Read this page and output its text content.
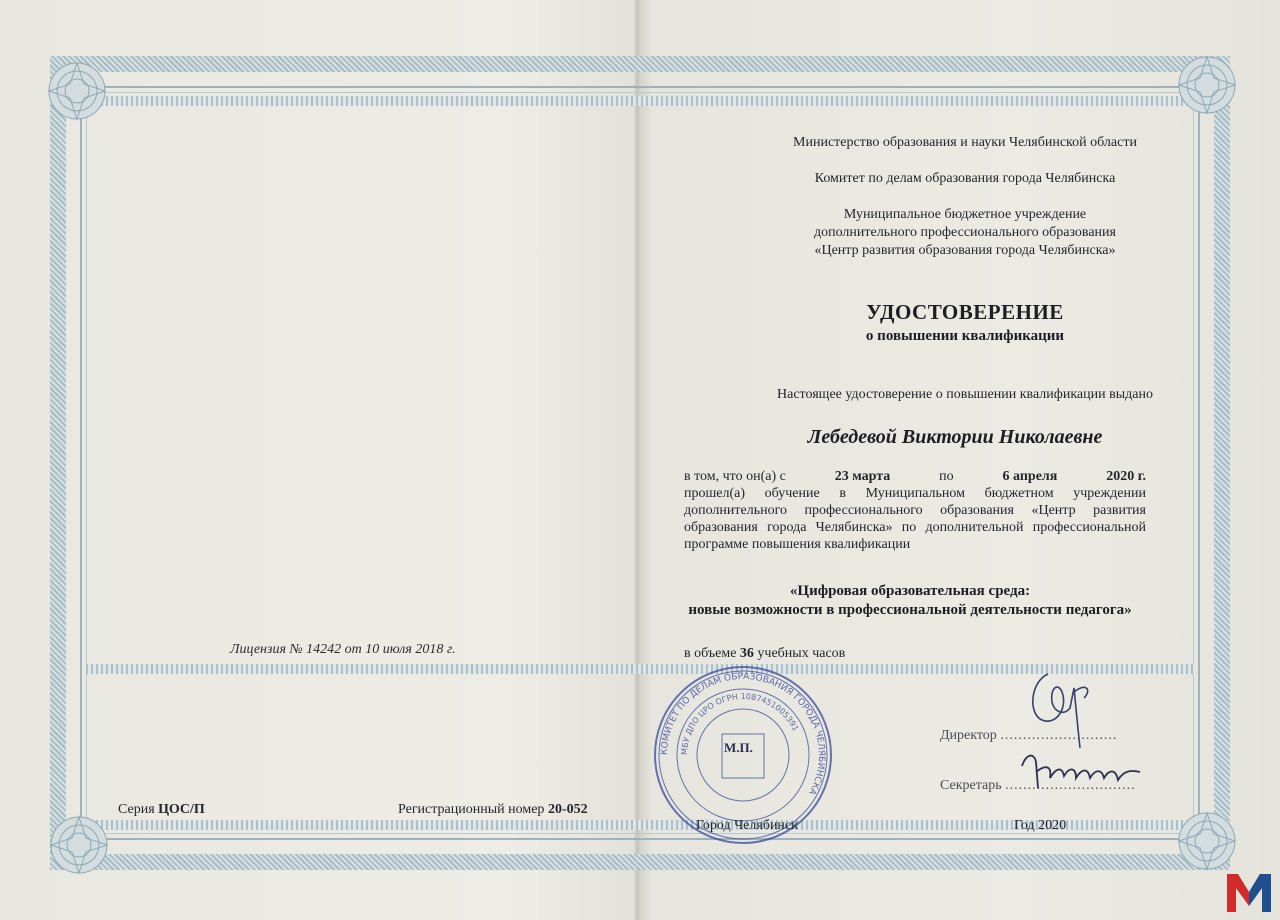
Министерство образования и науки Челябинской области
Комитет по делам образования города Челябинска
Муниципальное бюджетное учреждение
дополнительного профессионального образования
«Центр развития образования города Челябинска»
УДОСТОВЕРЕНИЕ
о повышении квалификации
Настоящее удостоверение о повышении квалификации выдано
Лебедевой Виктории Николаевне
в том, что он(а) с	23 марта	по	6 апреля	2020 г.
прошел(а) обучение в Муниципальном бюджетном учреждении дополнительного профессионального образования «Центр развития образования города Челябинска» по дополнительной профессиональной программе повышения квалификации
«Цифровая образовательная среда:
новые возможности в профессиональной деятельности педагога»
в объеме 36 учебных часов
Лицензия № 14242 от 10 июля 2018 г.
Серия ЦОС/П	Регистрационный номер 20-052
КОМИТЕТ ПО ДЕЛАМ ОБРАЗОВАНИЯ ГОРОДА ЧЕЛЯБИНСКА
МБУ ДПО ЦРО ОГРН 1087451005391
М.П.
Директор ..........................
Секретарь .............................
Город Челябинск	Год 2020
